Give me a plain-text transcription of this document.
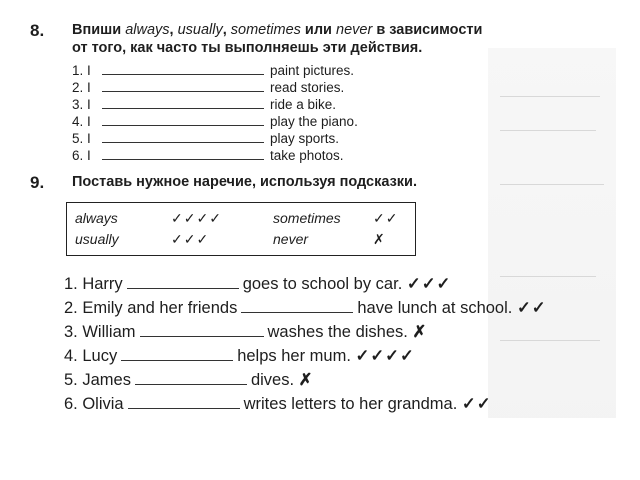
8. Впиши always, usually, sometimes или never в зависимости
от того, как часто ты выполняешь эти действия.
1. I	paint pictures.
2. I	read stories.
3. I	ride a bike.
4. I	play the piano.
5. I	play sports.
6. I	take photos.
9. Поставь нужное наречие, используя подсказки.
always	✓✓✓✓	sometimes ✓✓
usually	✓✓✓	never	✗
1. Harry	goes to school by car. ✓✓✓
2. Emily and her friends	have lunch at school. ✓✓
3. William	washes the dishes. ✗
4. Lucy	helps her mum. ✓✓✓✓
5. James	dives. ✗
6. Olivia	writes letters to her grandma. ✓✓
